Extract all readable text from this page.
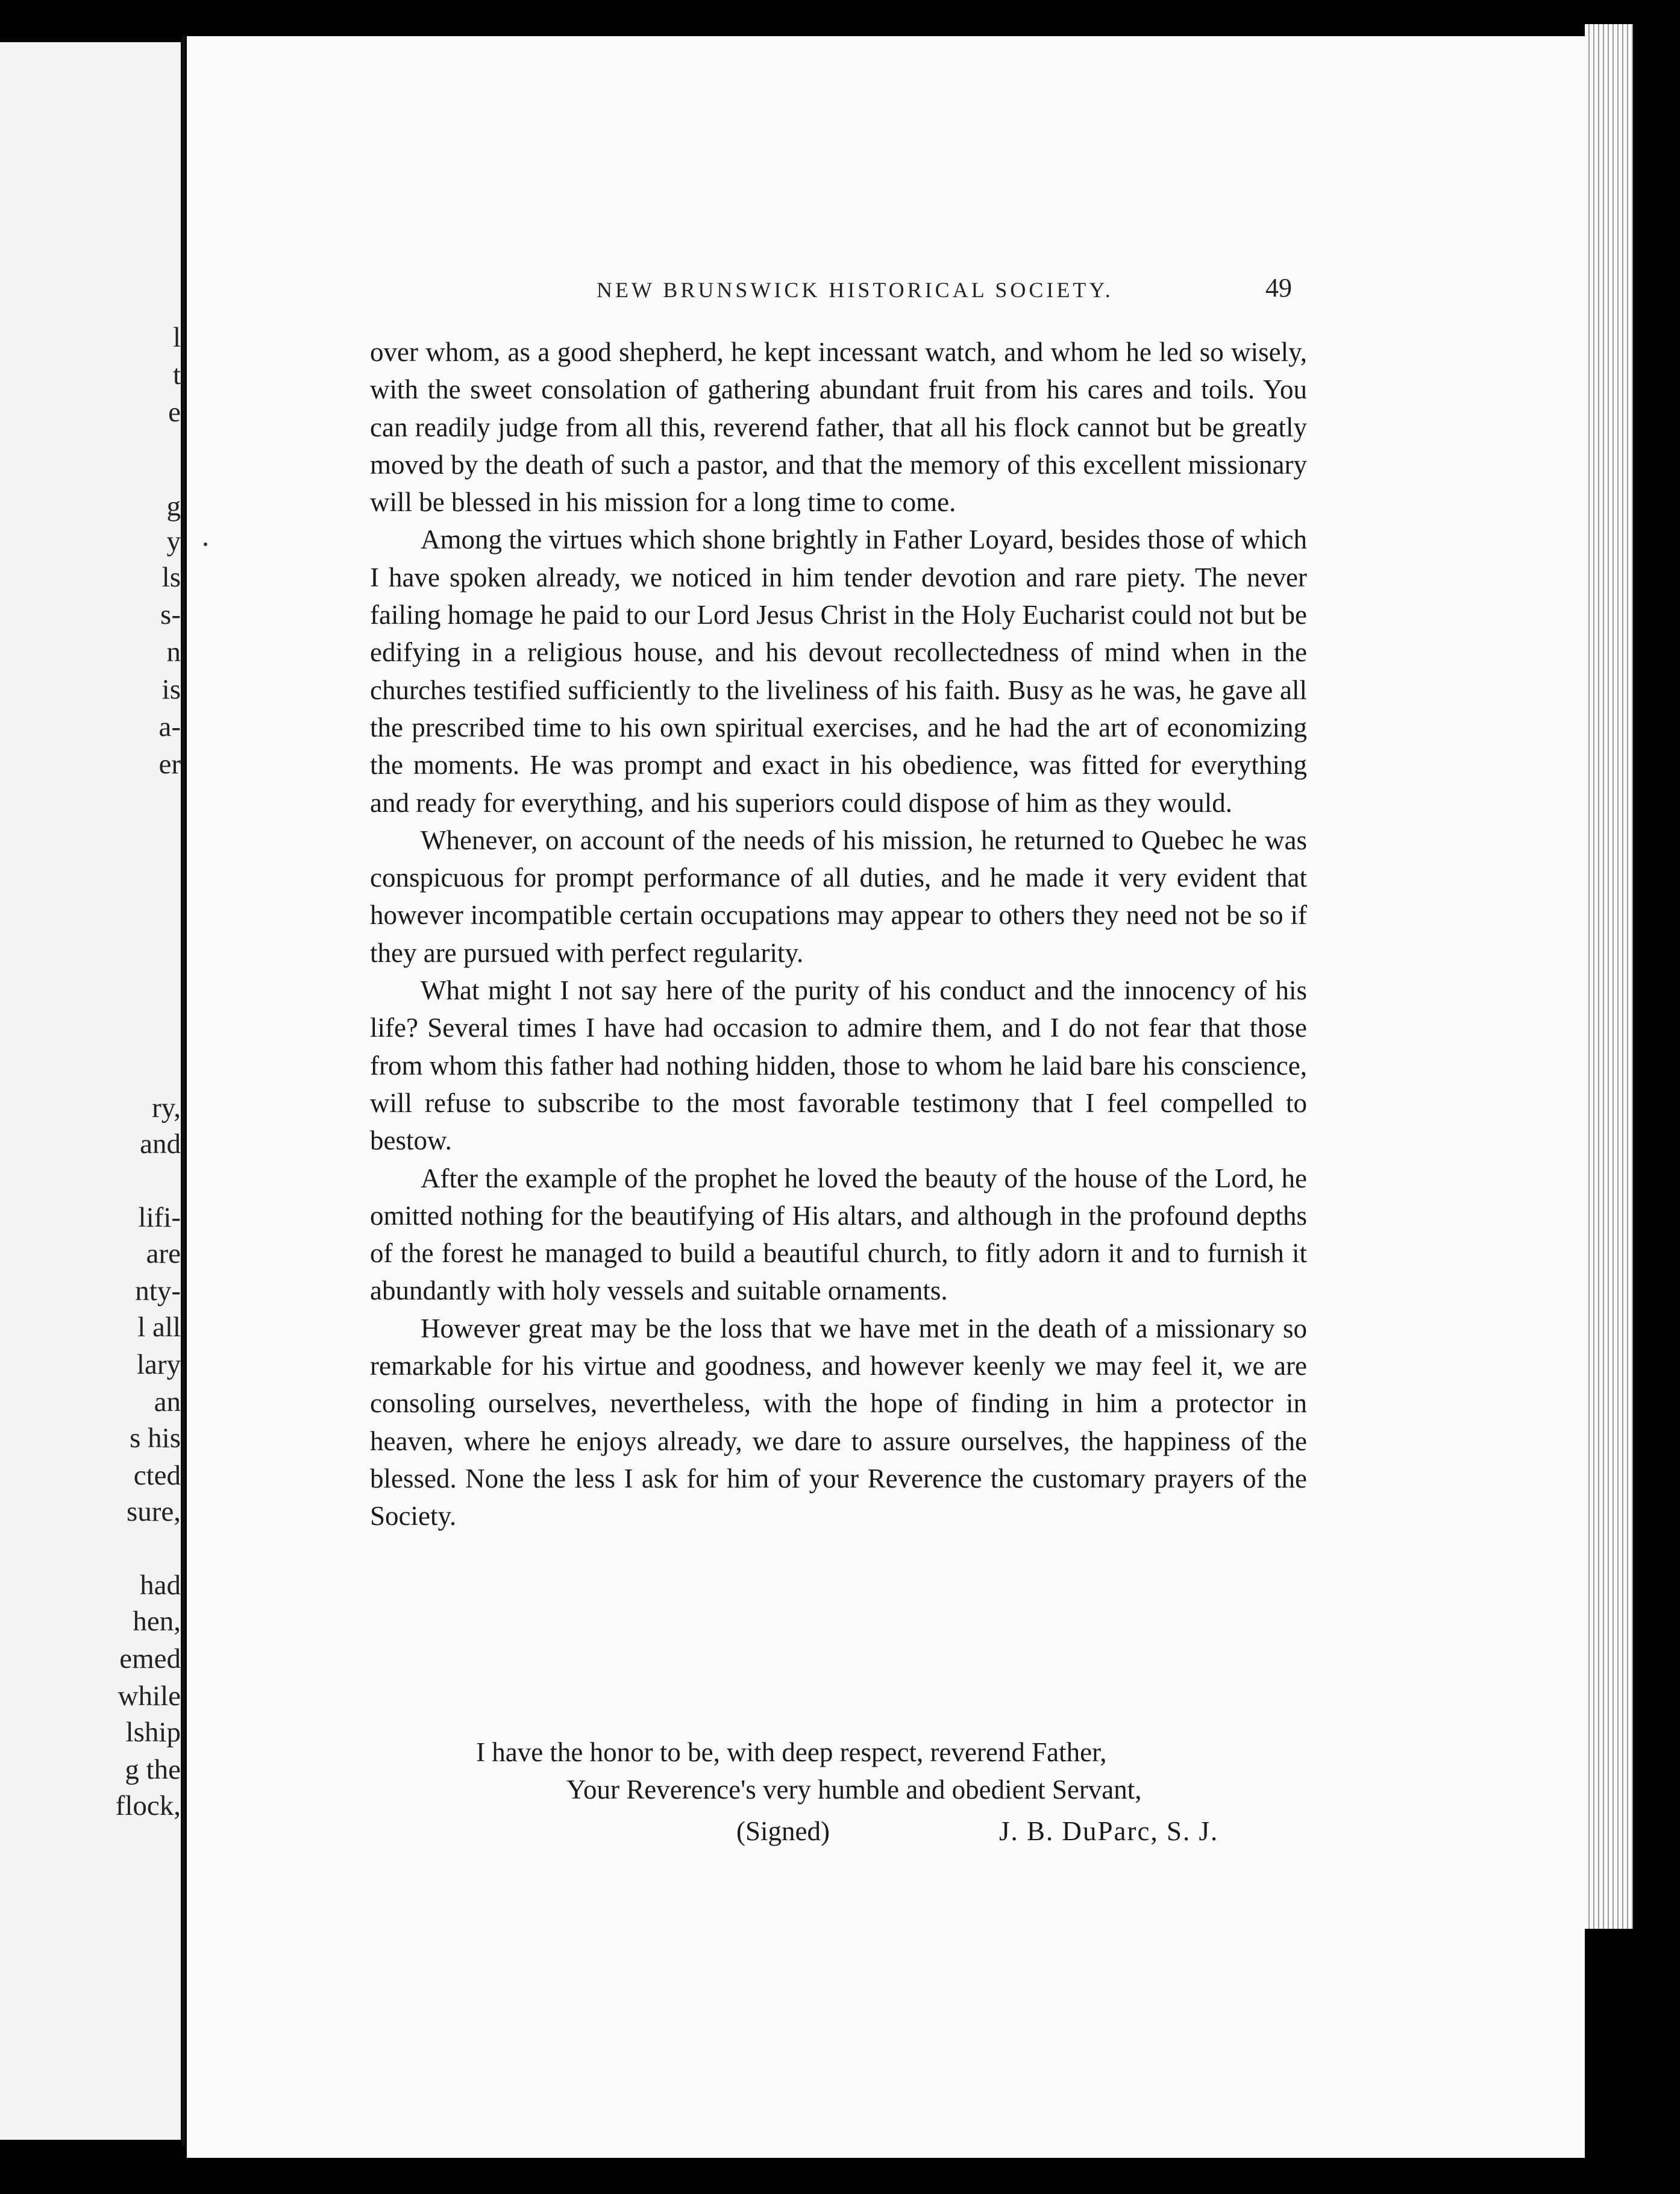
l
t
e
g
y
ls
s-
n
is
a-
er
ry,
and
lifi-
are
nty-
l all
lary
an
s his
cted
sure,
had
hen,
emed
while
lship
g the
flock,
NEW BRUNSWICK HISTORICAL SOCIETY.	49

over whom, as a good shepherd, he kept incessant watch, and whom he led so wisely, with the sweet consolation of gathering abundant fruit from his cares and toils. You can readily judge from all this, reverend father, that all his flock cannot but be greatly moved by the death of such a pastor, and that the memory of this excellent missionary will be blessed in his mission for a long time to come.

Among the virtues which shone brightly in Father Loyard, besides those of which I have spoken already, we noticed in him tender devotion and rare piety. The never failing homage he paid to our Lord Jesus Christ in the Holy Eucharist could not but be edifying in a religious house, and his devout recollectedness of mind when in the churches testified sufficiently to the liveliness of his faith. Busy as he was, he gave all the prescribed time to his own spiritual exercises, and he had the art of economizing the moments. He was prompt and exact in his obedience, was fitted for everything and ready for everything, and his superiors could dispose of him as they would.

Whenever, on account of the needs of his mission, he returned to Quebec he was conspicuous for prompt performance of all duties, and he made it very evident that however incompatible certain occupations may appear to others they need not be so if they are pursued with perfect regularity.

What might I not say here of the purity of his conduct and the innocency of his life? Several times I have had occasion to admire them, and I do not fear that those from whom this father had nothing hidden, those to whom he laid bare his conscience, will refuse to subscribe to the most favorable testimony that I feel compelled to bestow.

After the example of the prophet he loved the beauty of the house of the Lord, he omitted nothing for the beautifying of His altars, and although in the profound depths of the forest he managed to build a beautiful church, to fitly adorn it and to furnish it abundantly with holy vessels and suitable ornaments.

However great may be the loss that we have met in the death of a missionary so remarkable for his virtue and goodness, and however keenly we may feel it, we are consoling ourselves, nevertheless, with the hope of finding in him a protector in heaven, where he enjoys already, we dare to assure ourselves, the happiness of the blessed. None the less I ask for him of your Reverence the customary prayers of the Society.

I have the honor to be, with deep respect, reverend Father,
Your Reverence's very humble and obedient Servant,
(Signed)	J. B. DuParc, S. J.
